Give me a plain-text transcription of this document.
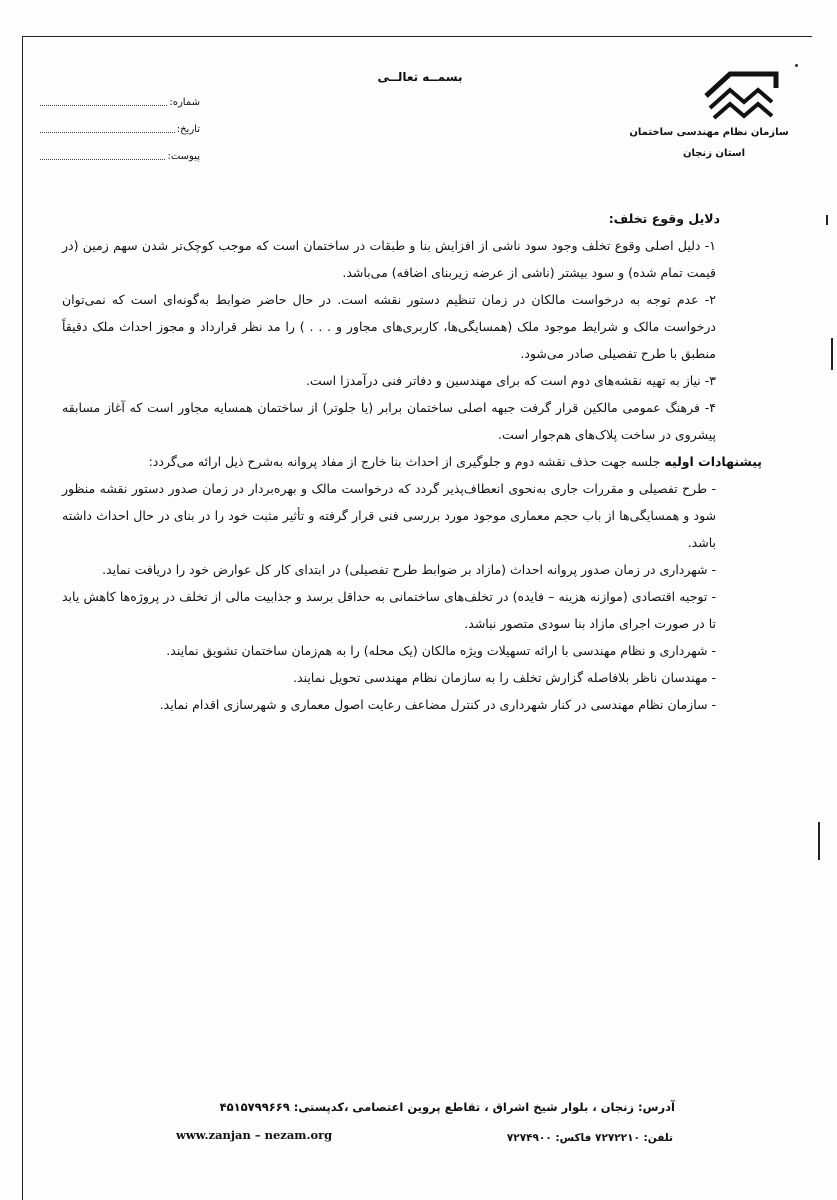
سازمان نظام مهندسی ساختمان
استان زنجان
بسمــه تعالــی
شماره:
تاریخ:
پیوست:

دلایل وقوع تخلف:

۱- دلیل اصلی وقوع تخلف وجود سود ناشی از افزایش بنا و طبقات در ساختمان است که موجب کوچک‌تر شدن سهم زمین (در قیمت تمام شده) و سود بیشتر (ناشی از عرضه زیربنای اضافه) می‌باشد.

۲- عدم توجه به درخواست مالکان در زمان تنظیم دستور نقشه است. در حال حاضر ضوابط به‌گونه‌ای است که نمی‌توان درخواست مالک و شرایط موجود ملک (همسایگی‌ها، کاربری‌های مجاور و . . . ) را مد نظر قرارداد و مجوز احداث ملک دقیقاً منطبق با طرح تفصیلی صادر می‌شود.

۳- نیاز به تهیه نقشه‌های دوم است که برای مهندسین و دفاتر فنی درآمدزا است.

۴- فرهنگ عمومی مالکین قرار گرفت جبهه اصلی ساختمان برابر (یا جلوتر) از ساختمان همسایه مجاور است که آغاز مسابقه پیشروی در ساخت پلاک‌های هم‌جوار است.

پیشنهادات اولیه جلسه جهت حذف نقشه دوم و جلوگیری از احداث بنا خارج از مفاد پروانه به‌شرح ذیل ارائه می‌گردد:

- طرح تفصیلی و مقررات جاری به‌نحوی انعطاف‌پذیر گردد که درخواست مالک و بهره‌بردار در زمان صدور دستور نقشه منظور شود و همسایگی‌ها از باب حجم معماری موجود مورد بررسی فنی قرار گرفته و تأثیر مثبت خود را در بنای در حال احداث داشته باشد.

- شهرداری در زمان صدور پروانه احداث (مازاد بر ضوابط طرح تفصیلی) در ابتدای کار کل عوارض خود را دریافت نماید.

- توجیه اقتصادی (موازنه هزینه – فایده) در تخلف‌های ساختمانی به حداقل برسد و جذابیت مالی از تخلف در پروژه‌ها کاهش یابد تا در صورت اجرای مازاد بنا سودی متصور نباشد.

- شهرداری و نظام مهندسی با ارائه تسهیلات ویژه مالکان (یک محله) را به هم‌زمان ساختمان تشویق نمایند.

- مهندسان ناظر بلافاصله گزارش تخلف را به سازمان نظام مهندسی تحویل نمایند.

- سازمان نظام مهندسی در کنار شهرداری در کنترل مضاعف رعایت اصول معماری و شهرسازی اقدام نماید.

آدرس: زنجان ، بلوار شیخ اشراق ، تقاطع پروین اعتصامی ،کدپستی: ۴۵۱۵۷۹۹۶۶۹
www.zanjan – nezam.org	تلفن: ۷۲۷۲۲۱۰ فاکس: ۷۲۷۴۹۰۰
